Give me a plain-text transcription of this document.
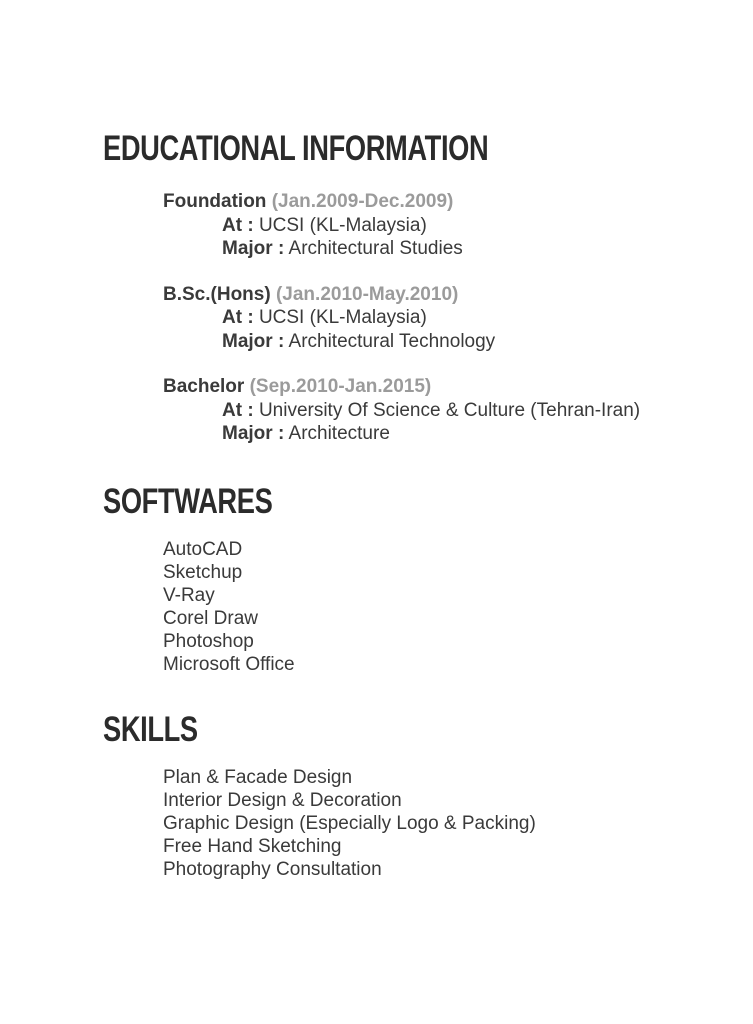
EDUCATIONAL INFORMATION
Foundation (Jan.2009-Dec.2009)
At : UCSI (KL-Malaysia)
Major : Architectural Studies
B.Sc.(Hons) (Jan.2010-May.2010)
At : UCSI (KL-Malaysia)
Major : Architectural Technology
Bachelor (Sep.2010-Jan.2015)
At : University Of Science & Culture (Tehran-Iran)
Major : Architecture
SOFTWARES
AutoCAD
Sketchup
V-Ray
Corel Draw
Photoshop
Microsoft Office
SKILLS
Plan & Facade Design
Interior Design & Decoration
Graphic Design (Especially Logo & Packing)
Free Hand Sketching
Photography Consultation
